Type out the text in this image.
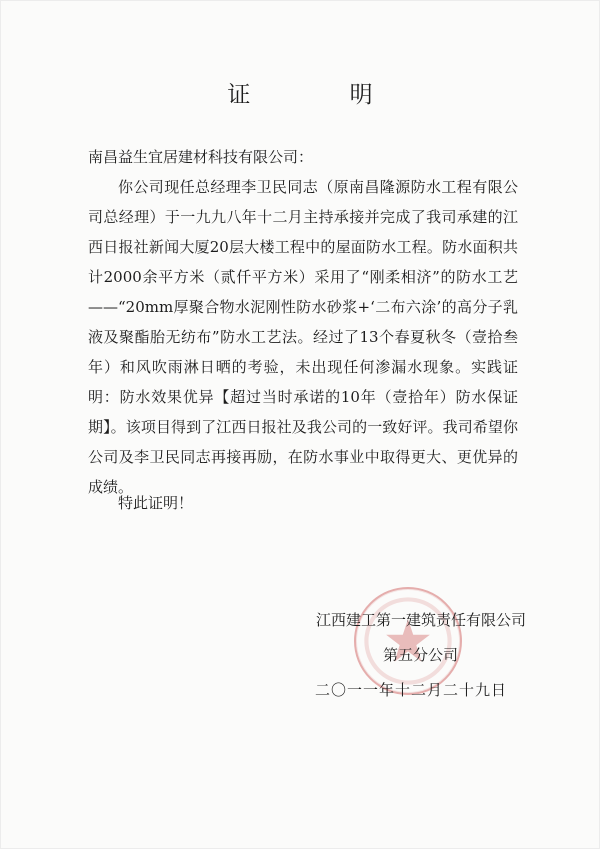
证 明
南昌益生宜居建材科技有限公司：

你公司现任总经理李卫民同志（原南昌隆源防水工程有限公司总经理）于一九九八年十二月主持承接并完成了我司承建的江西日报社新闻大厦20层大楼工程中的屋面防水工程。防水面积共计2000余平方米（贰仟平方米）采用了“刚柔相济”的防水工艺——“20mm厚聚合物水泥刚性防水砂浆+‘二布六涂’的高分子乳液及聚酯胎无纺布”防水工艺法。经过了13个春夏秋冬（壹拾叁年）和风吹雨淋日晒的考验，未出现任何渗漏水现象。实践证明：防水效果优异【超过当时承诺的10年（壹拾年）防水保证期】。该项目得到了江西日报社及我公司的一致好评。我司希望你公司及李卫民同志再接再励，在防水事业中取得更大、更优异的成绩。

特此证明！
江西建工第一建筑责任有限公司
第五分公司
二〇一一年十二月二十九日
